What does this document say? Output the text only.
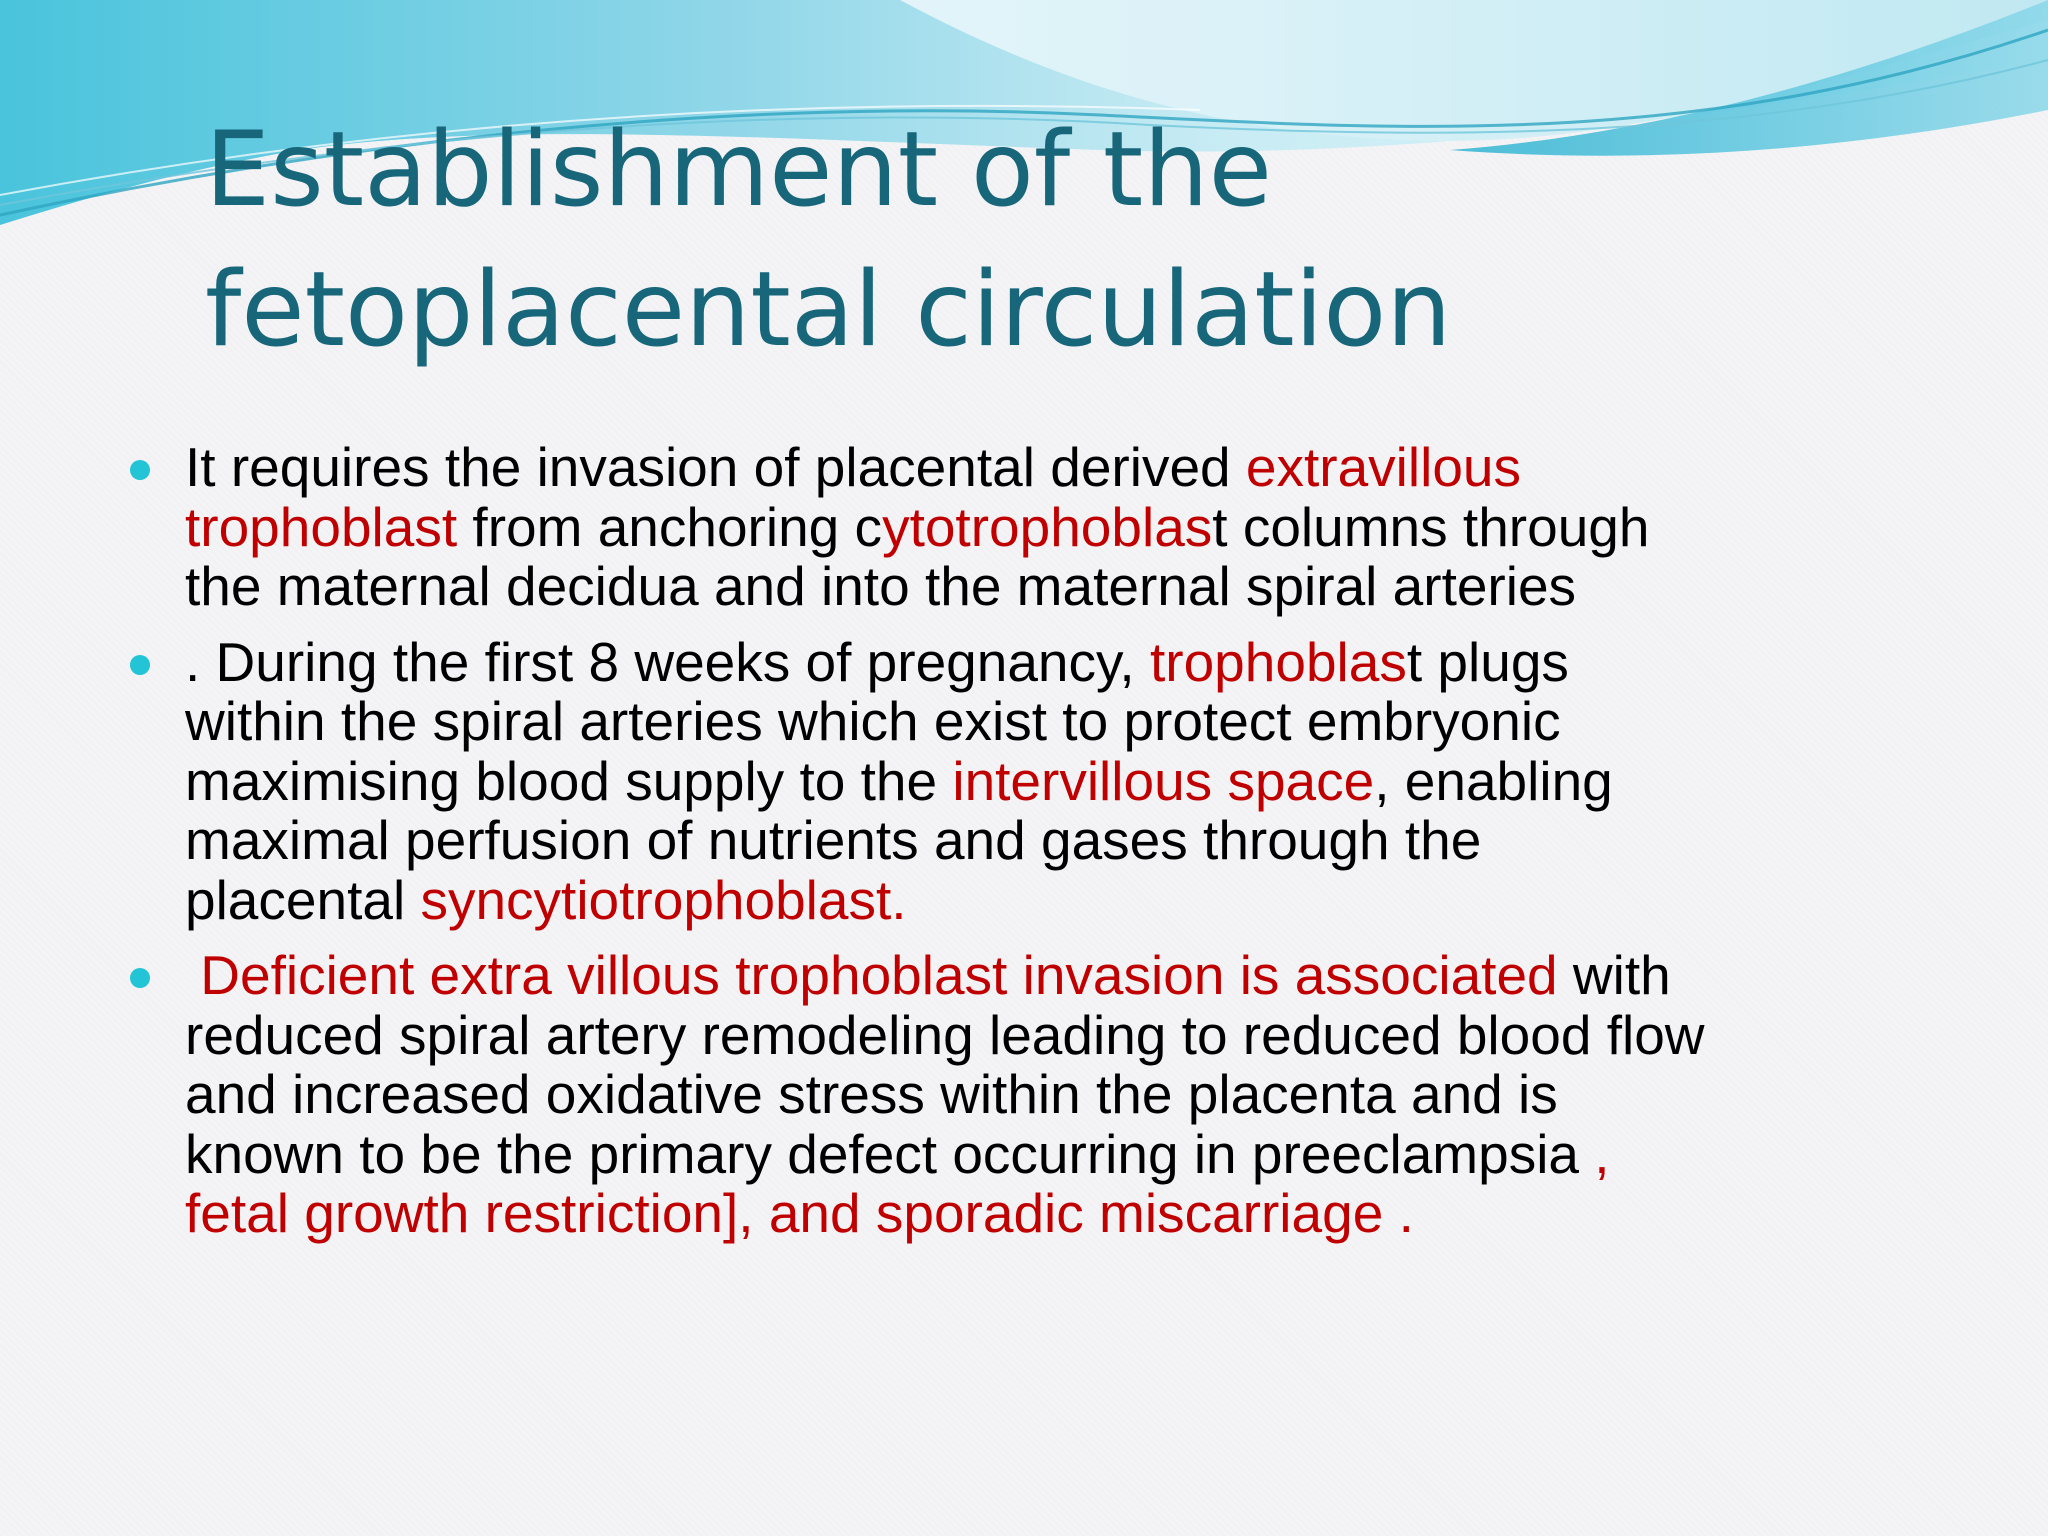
Establishment of the
fetoplacental circulation
It requires the invasion of placental derived extravillous
trophoblast from anchoring cytotrophoblast columns through
the maternal decidua and into the maternal spiral arteries
. During the first 8 weeks of pregnancy, trophoblast plugs
within the spiral arteries which exist to protect embryonic
maximising blood supply to the intervillous space, enabling
maximal perfusion of nutrients and gases through the
placental syncytiotrophoblast.
Deficient extra villous trophoblast invasion is associated with
reduced spiral artery remodeling leading to reduced blood flow
and increased oxidative stress within the placenta and is
known to be the primary defect occurring in preeclampsia ,
fetal growth restriction], and sporadic miscarriage .
